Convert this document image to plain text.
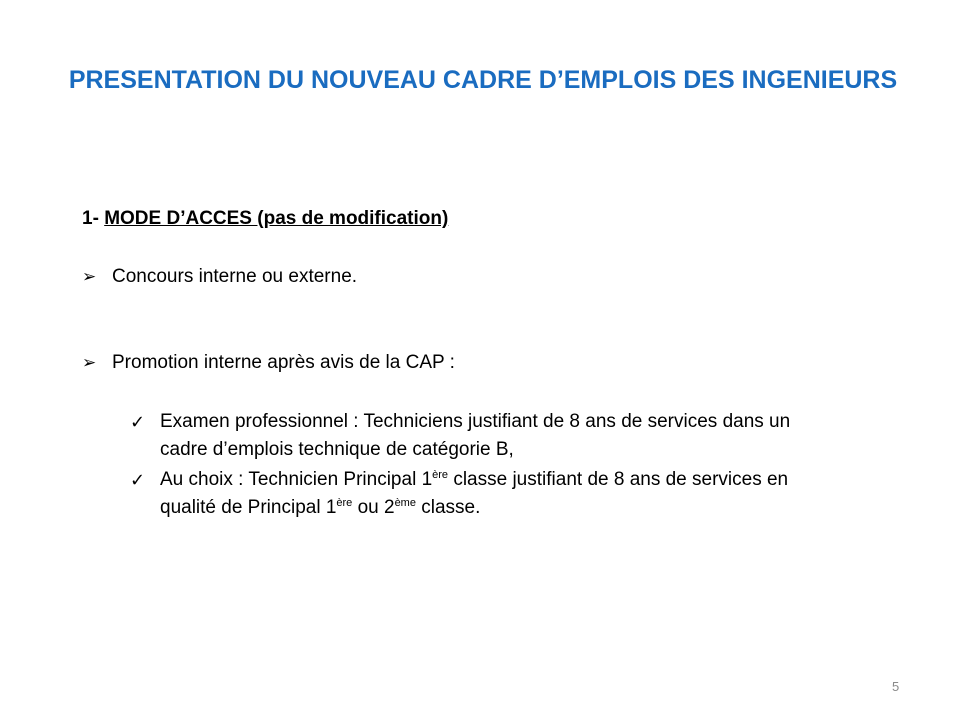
PRESENTATION DU NOUVEAU CADRE D’EMPLOIS DES INGENIEURS
1- MODE D’ACCES (pas de modification)
➢ Concours interne ou externe.
➢ Promotion interne après avis de la CAP :
✓ Examen professionnel : Techniciens justifiant de 8 ans de services dans un
cadre d’emplois technique de catégorie B,
✓ Au choix : Technicien Principal 1ère classe justifiant de 8 ans de services en
qualité de Principal 1ère ou 2ème classe.
5
